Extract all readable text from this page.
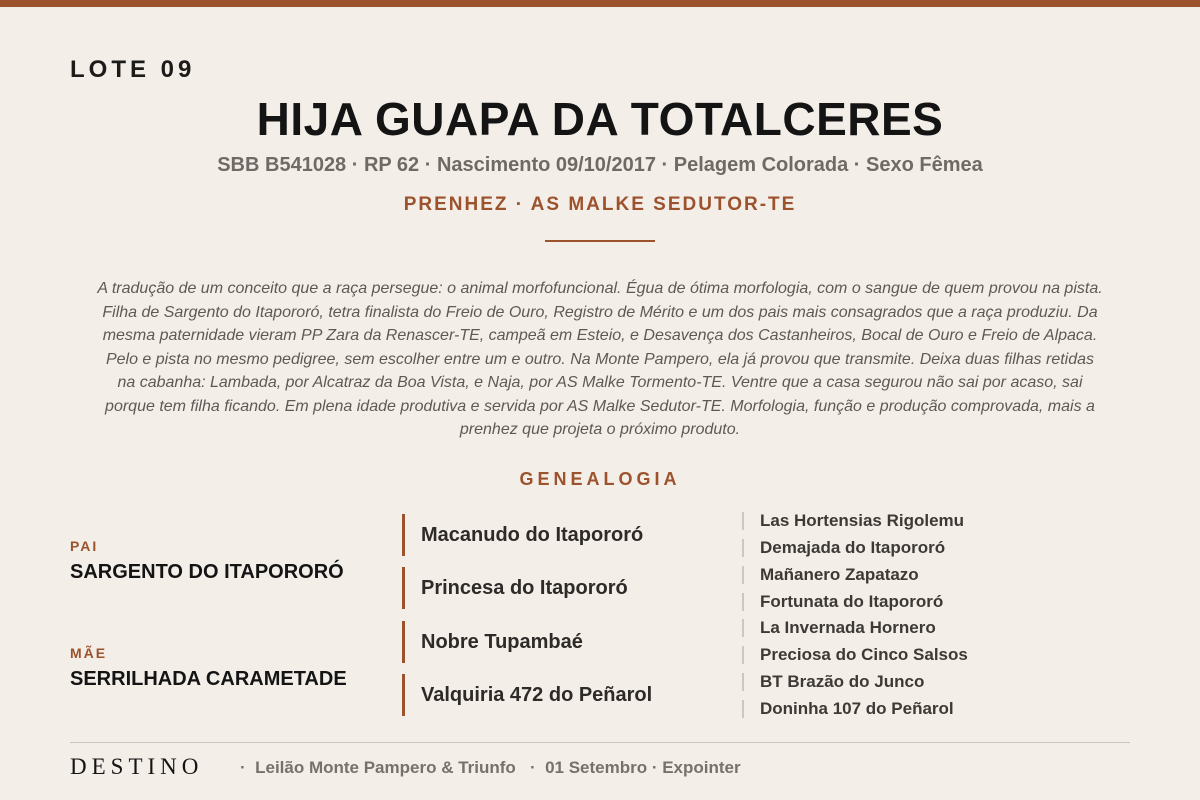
LOTE 09
HIJA GUAPA DA TOTALCERES
SBB B541028 · RP 62 · Nascimento 09/10/2017 · Pelagem Colorada · Sexo Fêmea
PRENHEZ · AS MALKE SEDUTOR-TE
A tradução de um conceito que a raça persegue: o animal morfofuncional. Égua de ótima morfologia, com o sangue de quem provou na pista. Filha de Sargento do Itapororó, tetra finalista do Freio de Ouro, Registro de Mérito e um dos pais mais consagrados que a raça produziu. Da mesma paternidade vieram PP Zara da Renascer-TE, campeã em Esteio, e Desavença dos Castanheiros, Bocal de Ouro e Freio de Alpaca. Pelo e pista no mesmo pedigree, sem escolher entre um e outro. Na Monte Pampero, ela já provou que transmite. Deixa duas filhas retidas na cabanha: Lambada, por Alcatraz da Boa Vista, e Naja, por AS Malke Tormento-TE. Ventre que a casa segurou não sai por acaso, sai porque tem filha ficando. Em plena idade produtiva e servida por AS Malke Sedutor-TE. Morfologia, função e produção comprovada, mais a prenhez que projeta o próximo produto.
GENEALOGIA
PAI
SARGENTO DO ITAPORORÓ
MÃE
SERRILHADA CARAMETADE
Macanudo do Itapororó
Princesa do Itapororó
Nobre Tupambaé
Valquiria 472 do Peñarol
Las Hortensias Rigolemu
Demajada do Itapororó
Mañanero Zapatazo
Fortunata do Itapororó
La Invernada Hornero
Preciosa do Cinco Salsos
BT Brazão do Junco
Doninha 107 do Peñarol
DESTINO ·  Leilão Monte Pampero & Triunfo   ·  01 Setembro · Expointer
